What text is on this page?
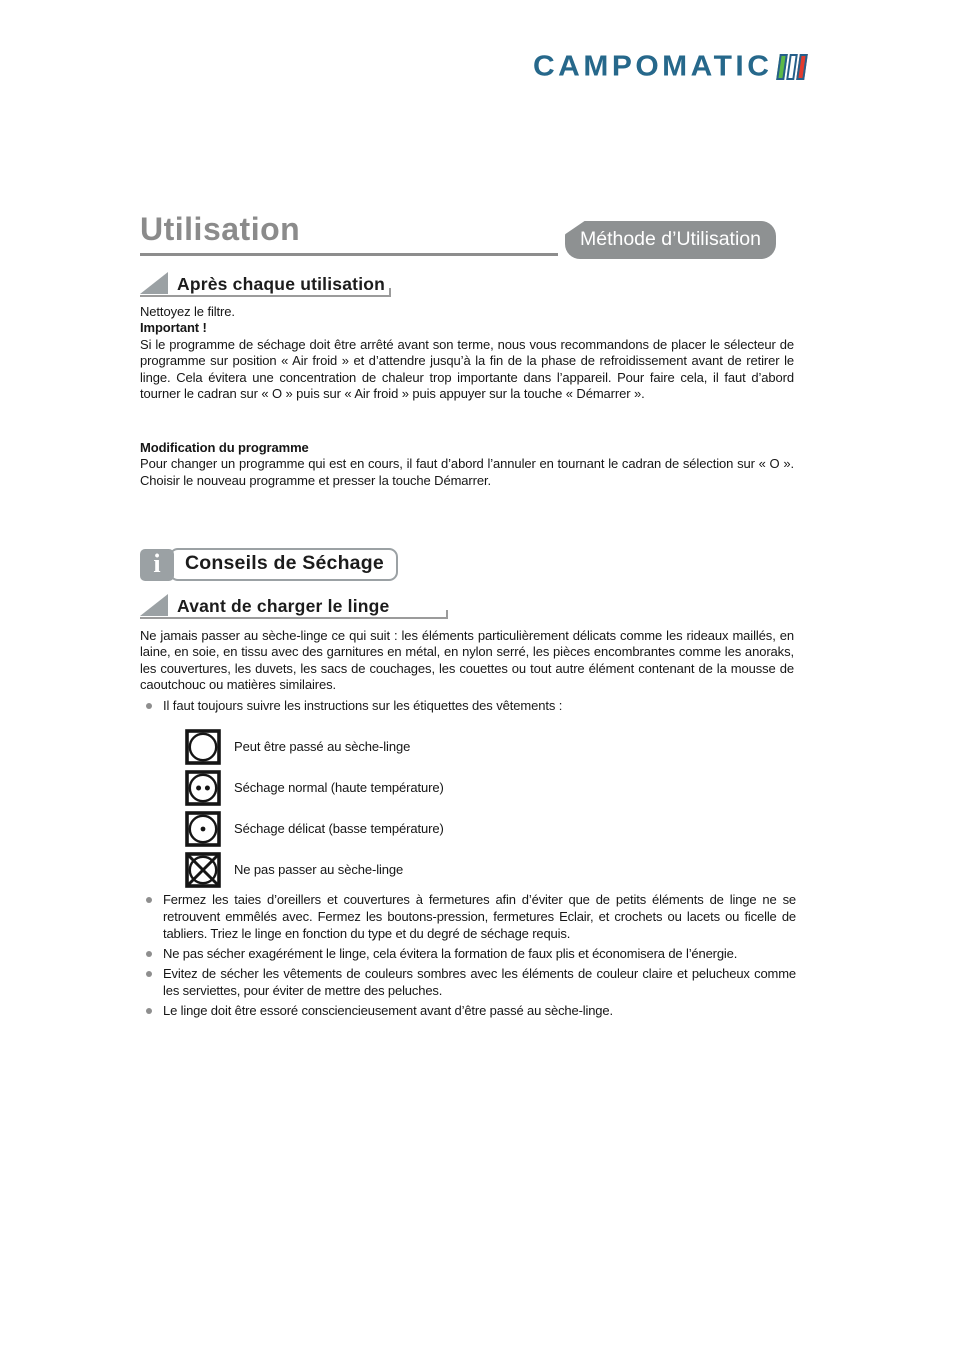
CAMPOMATIC
Utilisation	Méthode d’Utilisation
Après chaque utilisation
Nettoyez le filtre.
Important !
Si le programme de séchage doit être arrêté avant son terme, nous vous recommandons de placer le sélecteur de programme sur position « Air froid » et d’attendre jusqu’à la fin de la phase de refroidissement avant de retirer le linge. Cela évitera une concentration de chaleur trop importante dans l’appareil. Pour faire cela, il faut d’abord tourner le cadran sur « O » puis sur « Air froid » puis appuyer sur la touche « Démarrer ».
Modification du programme
Pour changer un programme qui est en cours, il faut d’abord l’annuler en tournant le cadran de sélection sur « O ». Choisir le nouveau programme et presser la touche Démarrer.
i	Conseils de Séchage
Avant de charger le linge
Ne jamais passer au sèche-linge ce qui suit : les éléments particulièrement délicats comme les rideaux maillés, en laine, en soie, en tissu avec des garnitures en métal, en nylon serré, les pièces encombrantes comme les anoraks, les couvertures, les duvets, les sacs de couchages, les couettes ou tout autre élément contenant de la mousse de caoutchouc ou matières similaires.
Il faut toujours suivre les instructions sur les étiquettes des vêtements :
Peut être passé au sèche-linge
Séchage normal (haute température)
Séchage délicat (basse température)
Ne pas passer au sèche-linge
Fermez les taies d’oreillers et couvertures à fermetures afin d’éviter que de petits éléments de linge ne se retrouvent emmêlés avec. Fermez les boutons-pression, fermetures Eclair, et crochets ou lacets ou ficelle de tabliers. Triez le linge en fonction du type et du degré de séchage requis.
Ne pas sécher exagérément le linge, cela évitera la formation de faux plis et économisera de l’énergie.
Evitez de sécher les vêtements de couleurs sombres avec les éléments de couleur claire et pelucheux comme les serviettes, pour éviter de mettre des peluches.
Le linge doit être essoré consciencieusement avant d’être passé au sèche-linge.
